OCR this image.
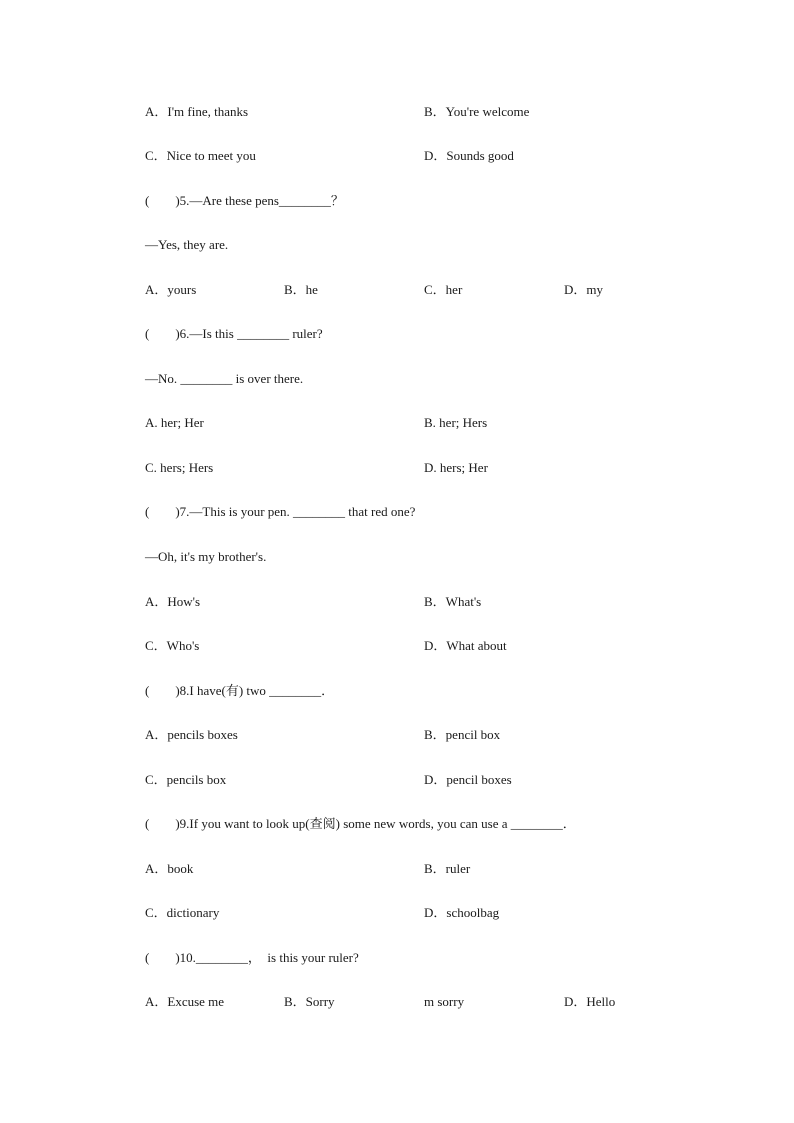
A．I'm fine, thanks	B．You're welcome
C．Nice to meet you	D．Sounds good
(　　)5.—Are these pens________？
—Yes, they are.
A．yours	B．he	C．her	D．my
(　　)6.—Is this ________ ruler?
—No. ________ is over there.
A. her; Her	B. her; Hers
C. hers; Hers	D. hers; Her
(　　)7.—This is your pen. ________ that red one?
—Oh, it's my brother's.
A．How's	B．What's
C．Who's	D．What about
(　　)8.I have(有) two ________．
A．pencils boxes	B．pencil box
C．pencils box	D．pencil boxes
(　　)9.If you want to look up(查阅) some new words, you can use a ________．
A．book	B．ruler
C．dictionary	D．schoolbag
(　　)10.________，　is this your ruler?
A．Excuse me	B．Sorry	m sorry	D．Hello
